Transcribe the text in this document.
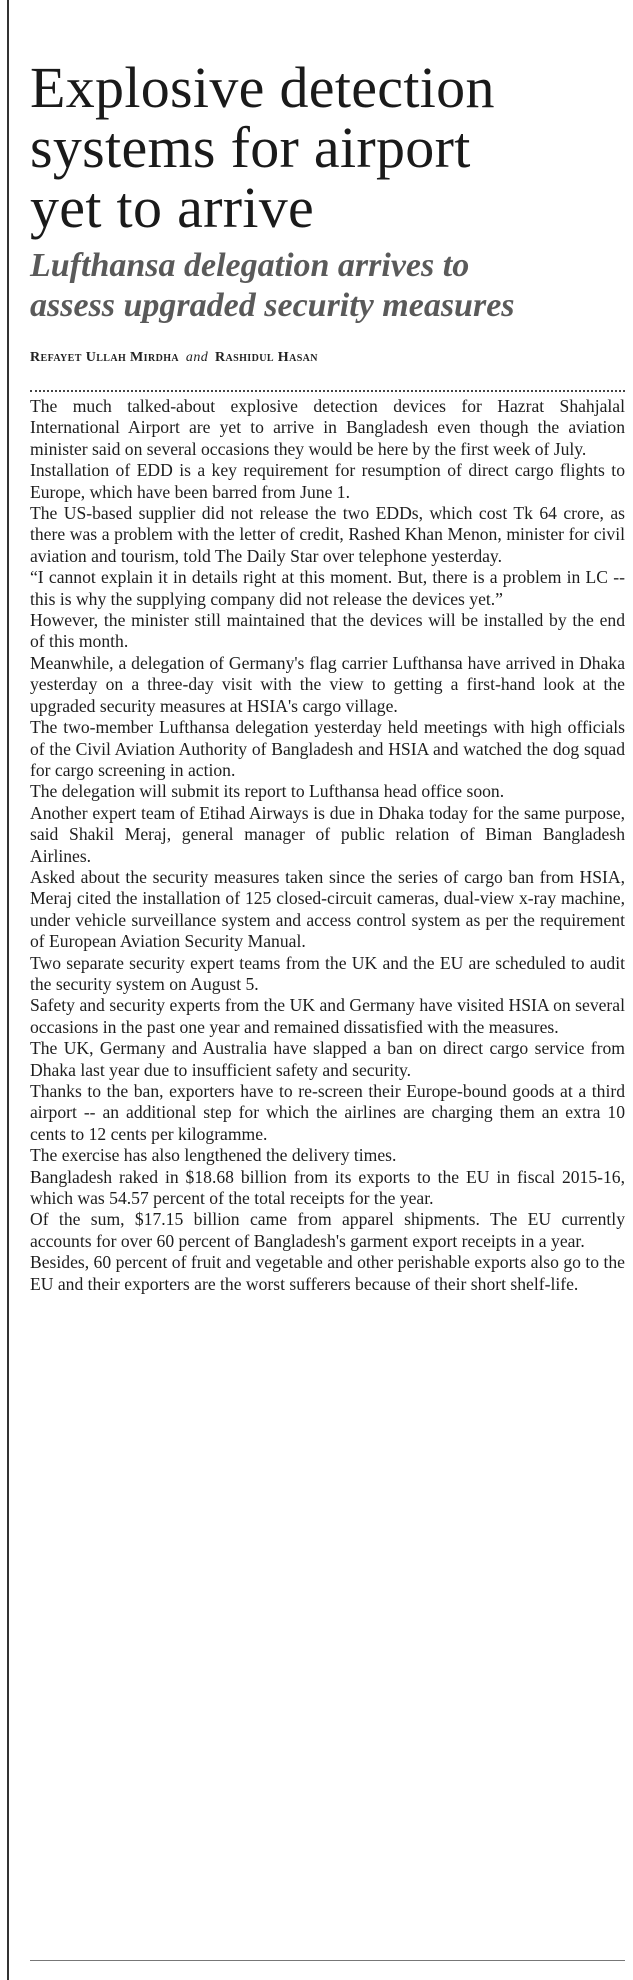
Explosive detection
systems for airport
yet to arrive
Lufthansa delegation arrives to
assess upgraded security measures
Refayet Ullah Mirdha and Rashidul Hasan

The much talked-about explosive detection devices for Hazrat Shahjalal International Airport are yet to arrive in Bangladesh even though the aviation minister said on several occasions they would be here by the first week of July.

Installation of EDD is a key requirement for resumption of direct cargo flights to Europe, which have been barred from June 1.

The US-based supplier did not release the two EDDs, which cost Tk 64 crore, as there was a problem with the letter of credit, Rashed Khan Menon, minister for civil aviation and tourism, told The Daily Star over telephone yesterday.

“I cannot explain it in details right at this moment. But, there is a problem in LC -- this is why the supplying company did not release the devices yet.”

However, the minister still maintained that the devices will be installed by the end of this month.

Meanwhile, a delegation of Germany's flag carrier Lufthansa have arrived in Dhaka yesterday on a three-day visit with the view to getting a first-hand look at the upgraded security measures at HSIA's cargo village.

The two-member Lufthansa delegation yesterday held meetings with high officials of the Civil Aviation Authority of Bangladesh and HSIA and watched the dog squad for cargo screening in action.

The delegation will submit its report to Lufthansa head office soon.

Another expert team of Etihad Airways is due in Dhaka today for the same purpose, said Shakil Meraj, general manager of public relation of Biman Bangladesh Airlines.

Asked about the security measures taken since the series of cargo ban from HSIA, Meraj cited the installation of 125 closed-circuit cameras, dual-view x-ray machine, under vehicle surveillance system and access control system as per the requirement of European Aviation Security Manual.

Two separate security expert teams from the UK and the EU are scheduled to audit the security system on August 5.

Safety and security experts from the UK and Germany have visited HSIA on several occasions in the past one year and remained dissatisfied with the measures.

The UK, Germany and Australia have slapped a ban on direct cargo service from Dhaka last year due to insufficient safety and security.

Thanks to the ban, exporters have to re-screen their Europe-bound goods at a third airport -- an additional step for which the airlines are charging them an extra 10 cents to 12 cents per kilogramme.

The exercise has also lengthened the delivery times.

Bangladesh raked in $18.68 billion from its exports to the EU in fiscal 2015-16, which was 54.57 percent of the total receipts for the year.

Of the sum, $17.15 billion came from apparel shipments. The EU currently accounts for over 60 percent of Bangladesh's garment export receipts in a year.

Besides, 60 percent of fruit and vegetable and other perishable exports also go to the EU and their exporters are the worst sufferers because of their short shelf-life.
